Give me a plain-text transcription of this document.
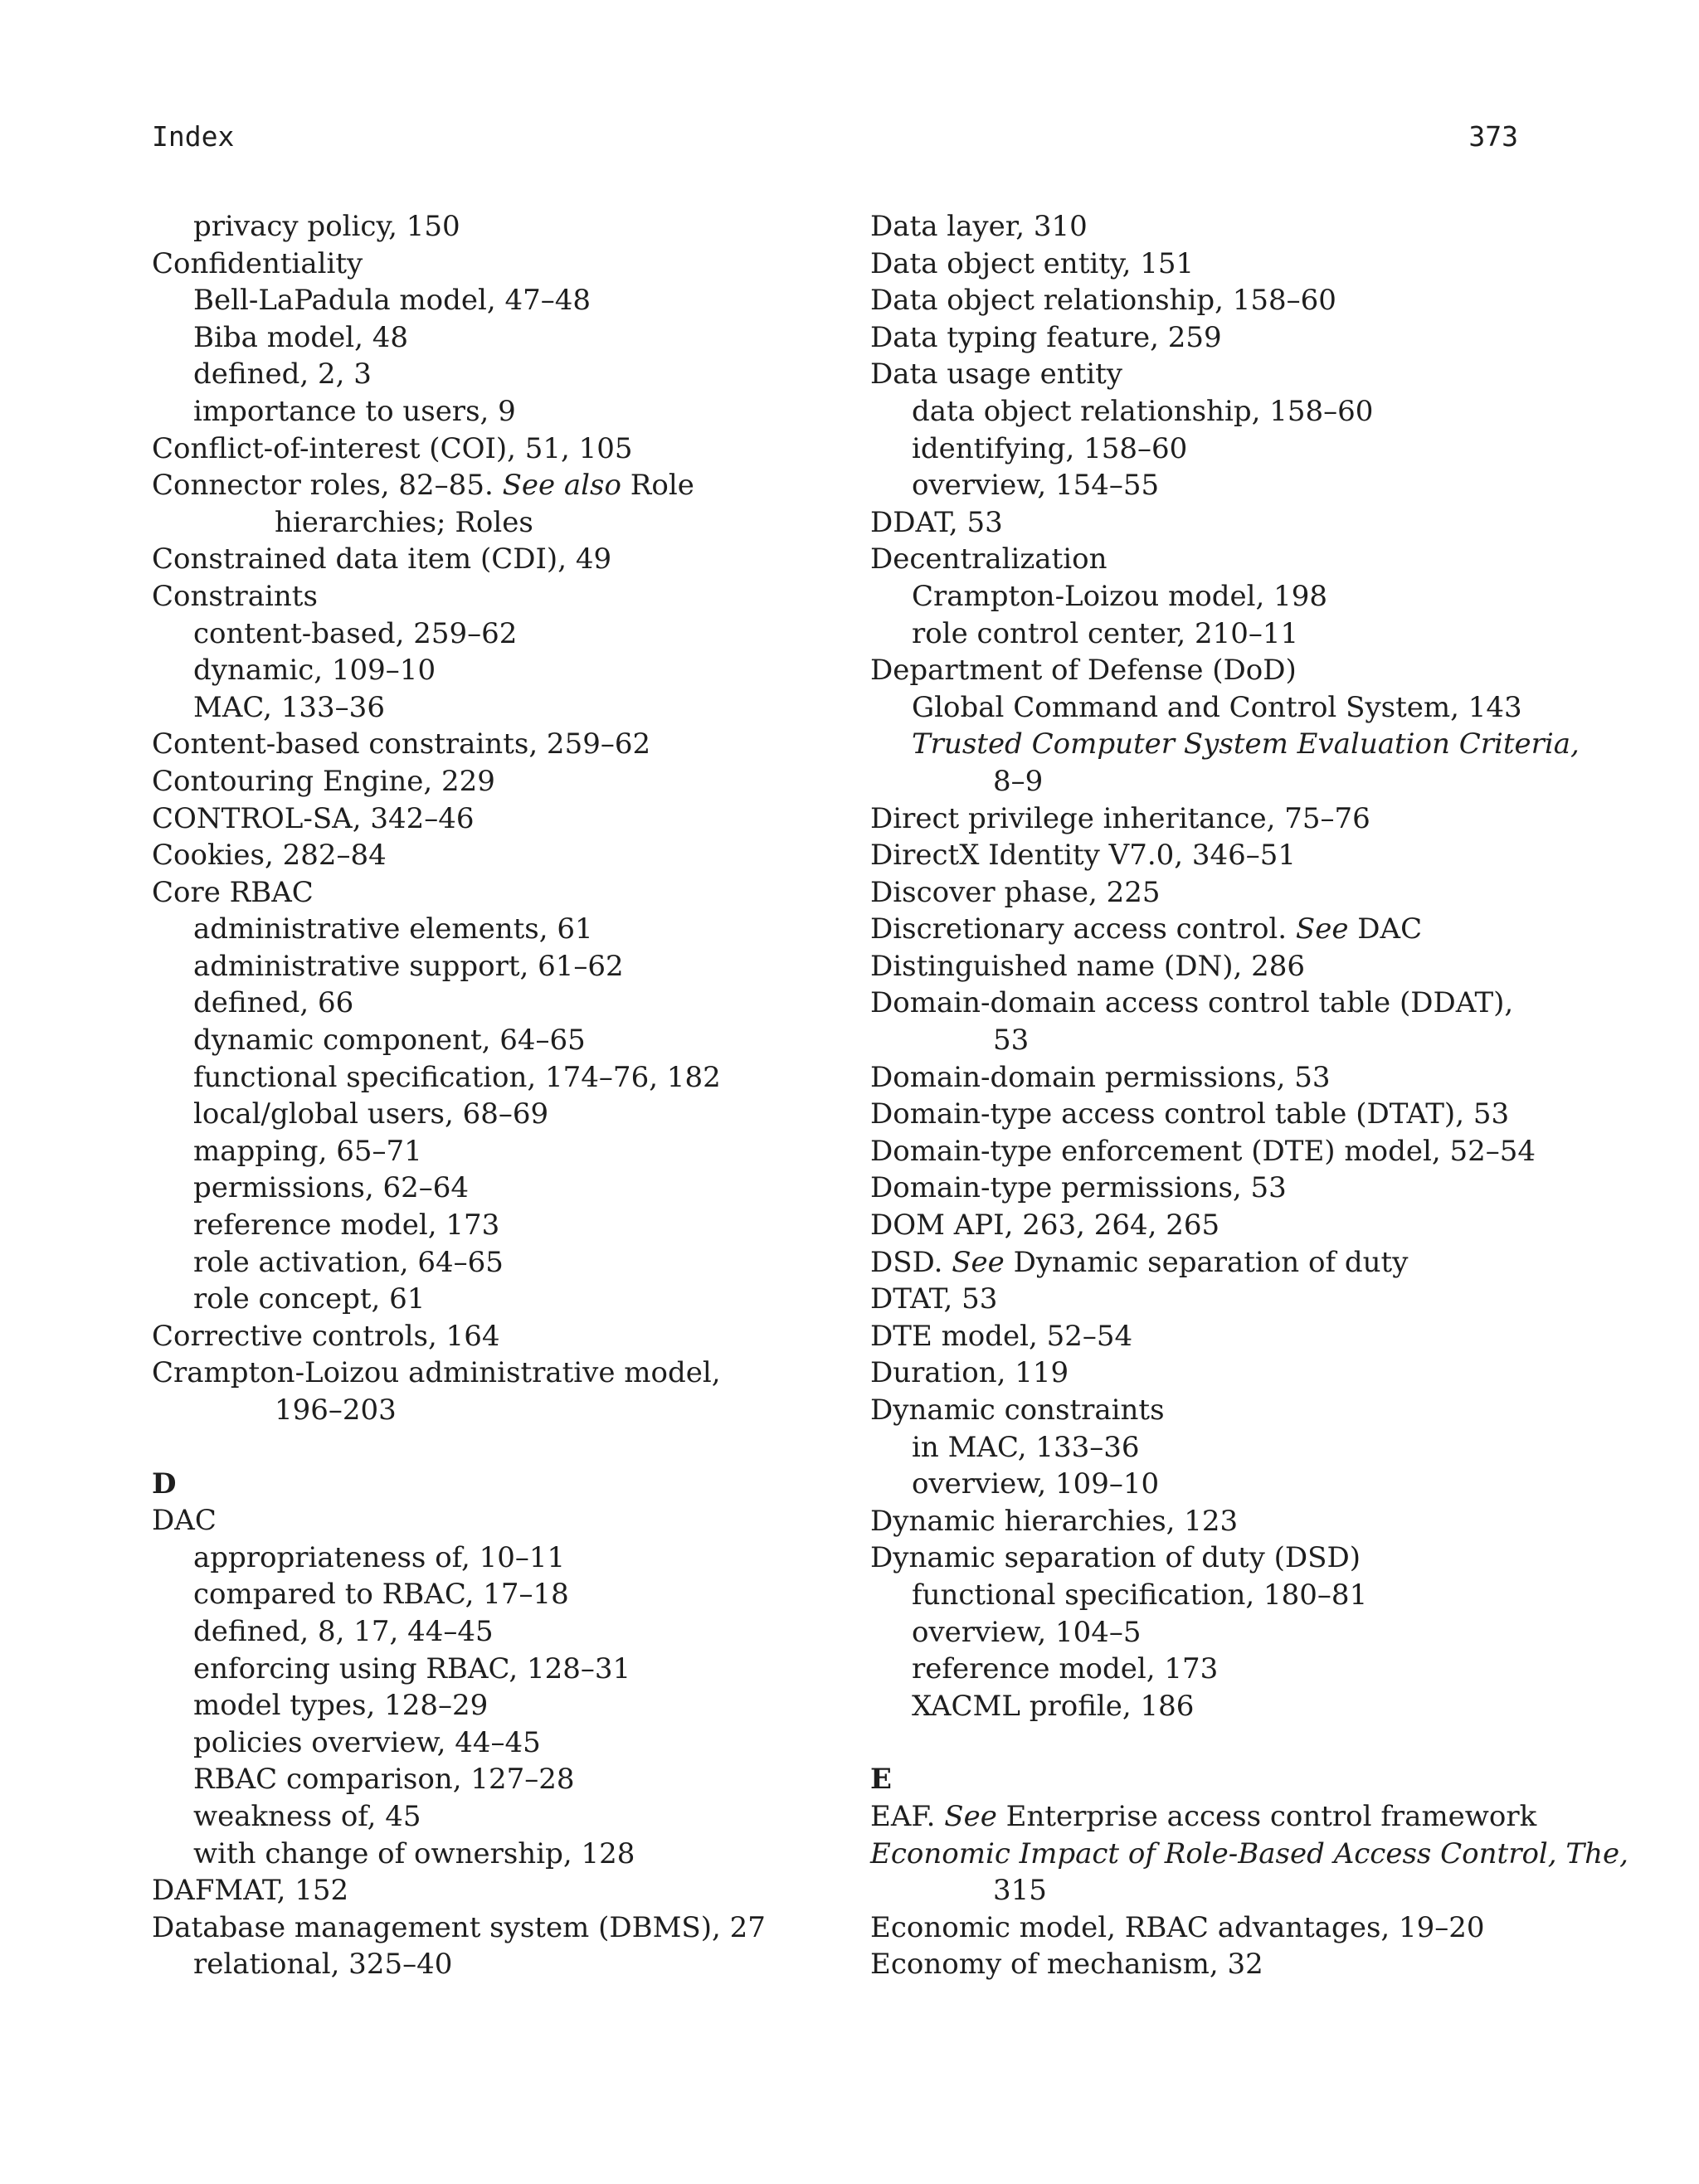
Index	373
privacy policy, 150
Confidentiality
Bell-LaPadula model, 47–48
Biba model, 48
defined, 2, 3
importance to users, 9
Conflict-of-interest (COI), 51, 105
Connector roles, 82–85. See also Role
hierarchies; Roles
Constrained data item (CDI), 49
Constraints
content-based, 259–62
dynamic, 109–10
MAC, 133–36
Content-based constraints, 259–62
Contouring Engine, 229
CONTROL-SA, 342–46
Cookies, 282–84
Core RBAC
administrative elements, 61
administrative support, 61–62
defined, 66
dynamic component, 64–65
functional specification, 174–76, 182
local/global users, 68–69
mapping, 65–71
permissions, 62–64
reference model, 173
role activation, 64–65
role concept, 61
Corrective controls, 164
Crampton-Loizou administrative model,
196–203
D
DAC
appropriateness of, 10–11
compared to RBAC, 17–18
defined, 8, 17, 44–45
enforcing using RBAC, 128–31
model types, 128–29
policies overview, 44–45
RBAC comparison, 127–28
weakness of, 45
with change of ownership, 128
DAFMAT, 152
Database management system (DBMS), 27
relational, 325–40
Data layer, 310
Data object entity, 151
Data object relationship, 158–60
Data typing feature, 259
Data usage entity
data object relationship, 158–60
identifying, 158–60
overview, 154–55
DDAT, 53
Decentralization
Crampton-Loizou model, 198
role control center, 210–11
Department of Defense (DoD)
Global Command and Control System, 143
Trusted Computer System Evaluation Criteria,
8–9
Direct privilege inheritance, 75–76
DirectX Identity V7.0, 346–51
Discover phase, 225
Discretionary access control. See DAC
Distinguished name (DN), 286
Domain-domain access control table (DDAT),
53
Domain-domain permissions, 53
Domain-type access control table (DTAT), 53
Domain-type enforcement (DTE) model, 52–54
Domain-type permissions, 53
DOM API, 263, 264, 265
DSD. See Dynamic separation of duty
DTAT, 53
DTE model, 52–54
Duration, 119
Dynamic constraints
in MAC, 133–36
overview, 109–10
Dynamic hierarchies, 123
Dynamic separation of duty (DSD)
functional specification, 180–81
overview, 104–5
reference model, 173
XACML profile, 186
E
EAF. See Enterprise access control framework
Economic Impact of Role-Based Access Control, The,
315
Economic model, RBAC advantages, 19–20
Economy of mechanism, 32
